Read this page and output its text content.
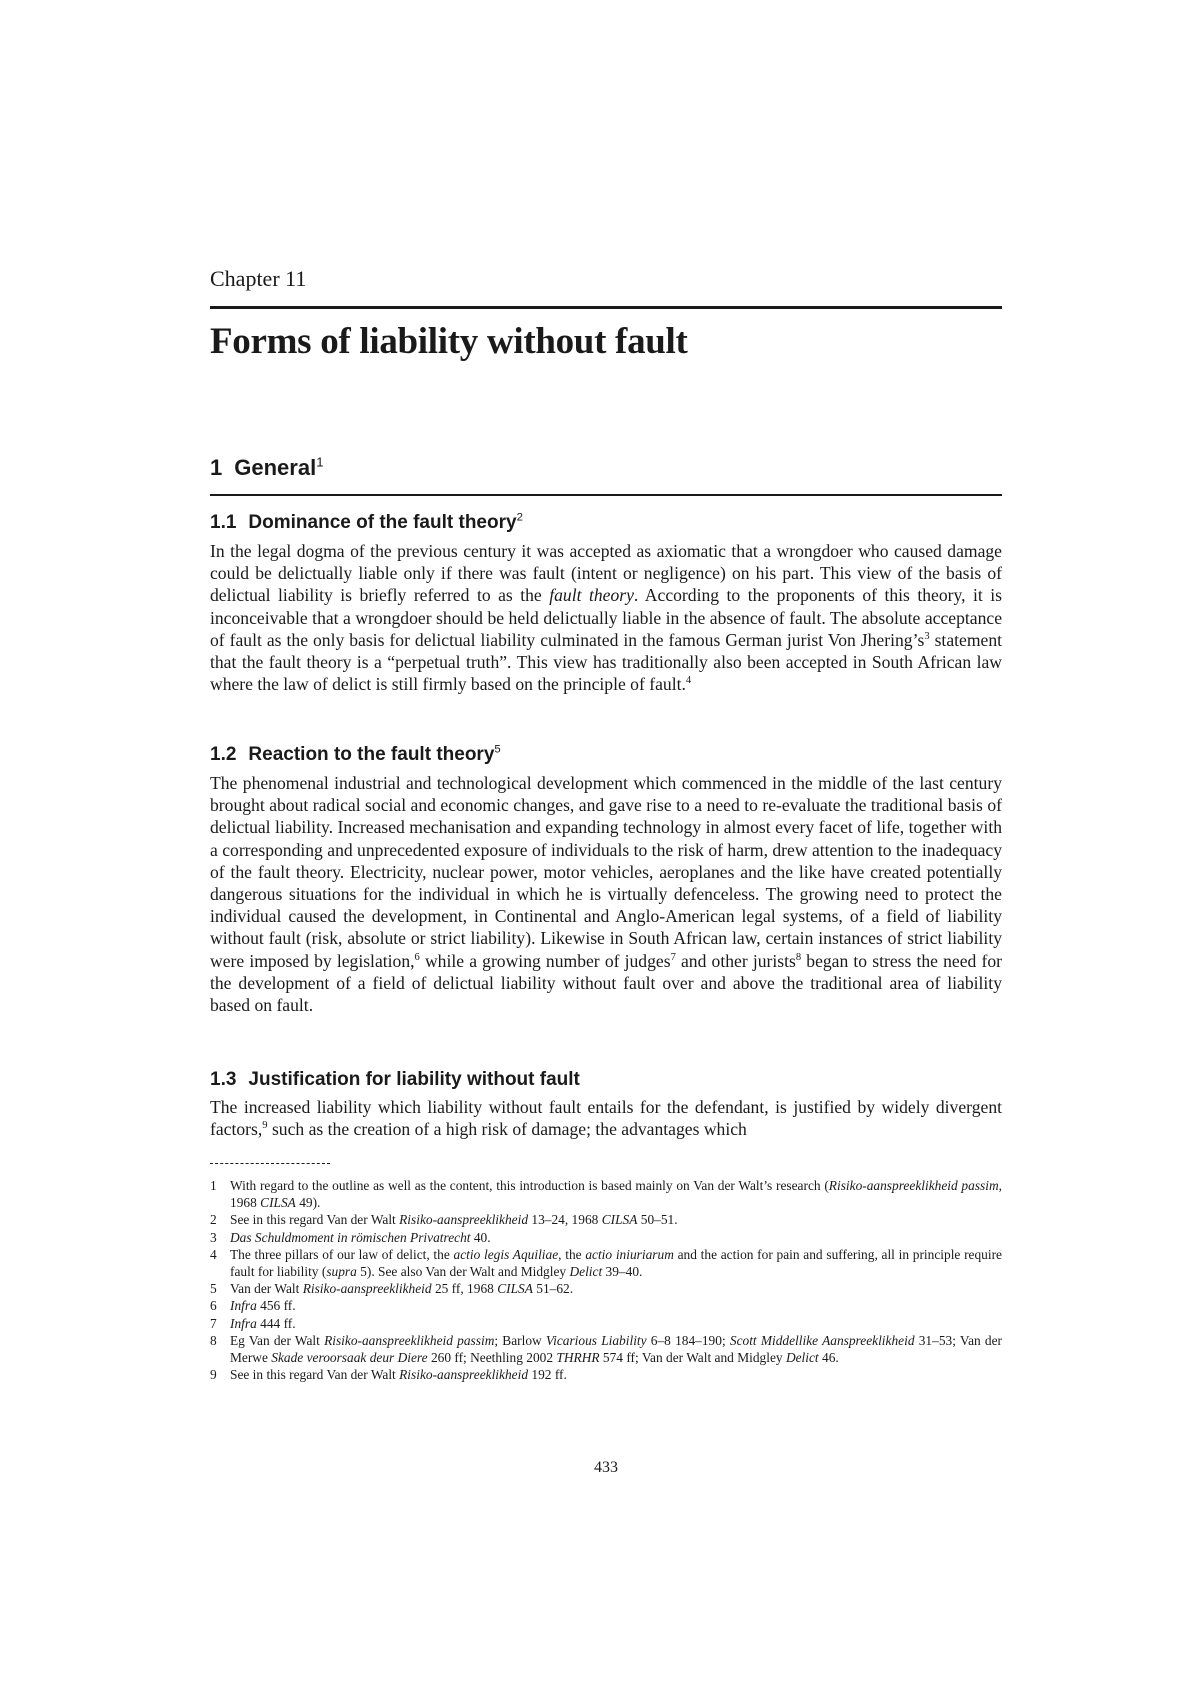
Chapter 11
Forms of liability without fault
1 General$^1$
1.1 Dominance of the fault theory$^2$

In the legal dogma of the previous century it was accepted as axiomatic that a wrongdoer who caused damage could be delictually liable only if there was fault (intent or negligence) on his part. This view of the basis of delictual liability is briefly referred to as the fault theory. According to the proponents of this theory, it is inconceivable that a wrongdoer should be held delictually liable in the absence of fault. The absolute acceptance of fault as the only basis for delictual liability culminated in the famous German jurist Von $Jhering’s^3$ statement that the fault theory is a “perpetual truth”. This view has traditionally also been accepted in South African law where the law of delict is still firmly based on the principle of fault.$^4$

1.2 Reaction to the fault theory$^5$

The phenomenal industrial and technological development which commenced in the middle of the last century brought about radical social and economic changes, and gave rise to a need to re-evaluate the traditional basis of delictual liability. Increased mechanisation and expanding technology in almost every facet of life, together with a corresponding and unprecedented exposure of individuals to the risk of harm, drew attention to the inadequacy of the fault theory. Electricity, nuclear power, motor vehicles, aeroplanes and the like have created potentially dangerous situations for the individual in which he is virtually defenceless. The growing need to protect the individual caused the development, in Continental and Anglo-American legal systems, of a field of liability without fault (risk, absolute or strict liability). Likewise in South African law, certain instances of strict liability were imposed by legislation,$^6$ while a growing number of judges$^7$ and other jurists$^8$ began to stress the need for the development of a field of delictual liability without fault over and above the traditional area of liability based on fault.

1.3 Justification for liability without fault

The increased liability which liability without fault entails for the defendant, is justified by widely divergent factors,$^9$ such as the creation of a high risk of damage; the advantages which

1 With regard to the outline as well as the content, this introduction is based mainly on Van der Walt’s research (Risiko-aanspreeklikheid passim, 1968 CILSA 49).
2 See in this regard Van der Walt Risiko-aanspreeklikheid 13–24, 1968 CILSA 50–51.
3 Das Schuldmoment in römischen Privatrecht 40.
4 The three pillars of our law of delict, the actio legis Aquiliae, the actio iniuriarum and the action for pain and suffering, all in principle require fault for liability (supra 5). See also Van der Walt and Midgley Delict 39–40.
5 Van der Walt Risiko-aanspreeklikheid 25 ff, 1968 CILSA 51–62.
6 Infra 456 ff.
7 Infra 444 ff.
8 Eg Van der Walt Risiko-aanspreeklikheid passim; Barlow Vicarious Liability 6–8 184–190; Scott Middellike Aanspreeklikheid 31–53; Van der Merwe Skade veroorsaak deur Diere 260 ff; Neethling 2002 THRHR 574 ff; Van der Walt and Midgley Delict 46.
9 See in this regard Van der Walt Risiko-aanspreeklikheid 192 ff.
433
